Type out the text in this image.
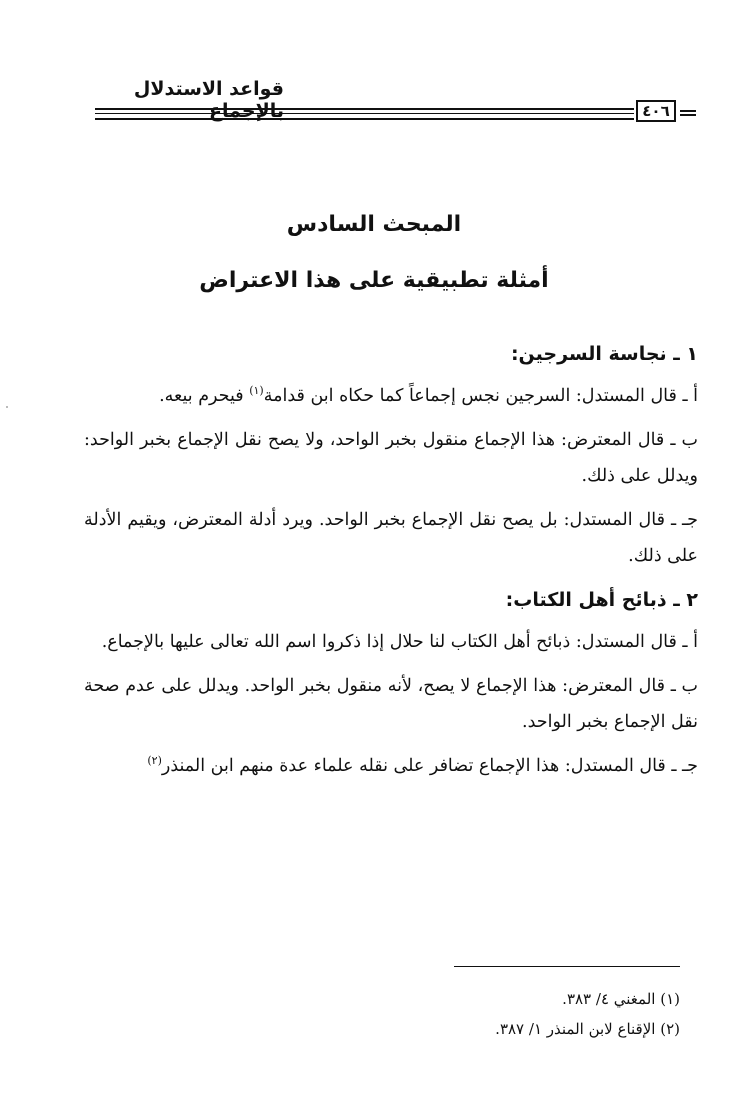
قواعد الاستدلال بالإجماع	٤٠٦
المبحث السادس
أمثلة تطبيقية على هذا الاعتراض
١ ـ نجاسة السرجين:

أ ـ قال المستدل: السرجين نجس إجماعاً كما حكاه ابن قدامة$^{(١)}$ فيحرم بيعه.

ب ـ قال المعترض: هذا الإجماع منقول بخبر الواحد، ولا يصح نقل الإجماع بخبر الواحد: ويدلل على ذلك.

جـ ـ قال المستدل: بل يصح نقل الإجماع بخبر الواحد. ويرد أدلة المعترض، ويقيم الأدلة على ذلك.

٢ ـ ذبائح أهل الكتاب:

أ ـ قال المستدل: ذبائح أهل الكتاب لنا حلال إذا ذكروا اسم الله تعالى عليها بالإجماع.

ب ـ قال المعترض: هذا الإجماع لا يصح، لأنه منقول بخبر الواحد. ويدلل على عدم صحة نقل الإجماع بخبر الواحد.

جـ ـ قال المستدل: هذا الإجماع تضافر على نقله علماء عدة منهم ابن المنذر$^{(٢)}$

(١) المغني ٤/ ٣٨٣.

(٢) الإقناع لابن المنذر ١/ ٣٨٧.
